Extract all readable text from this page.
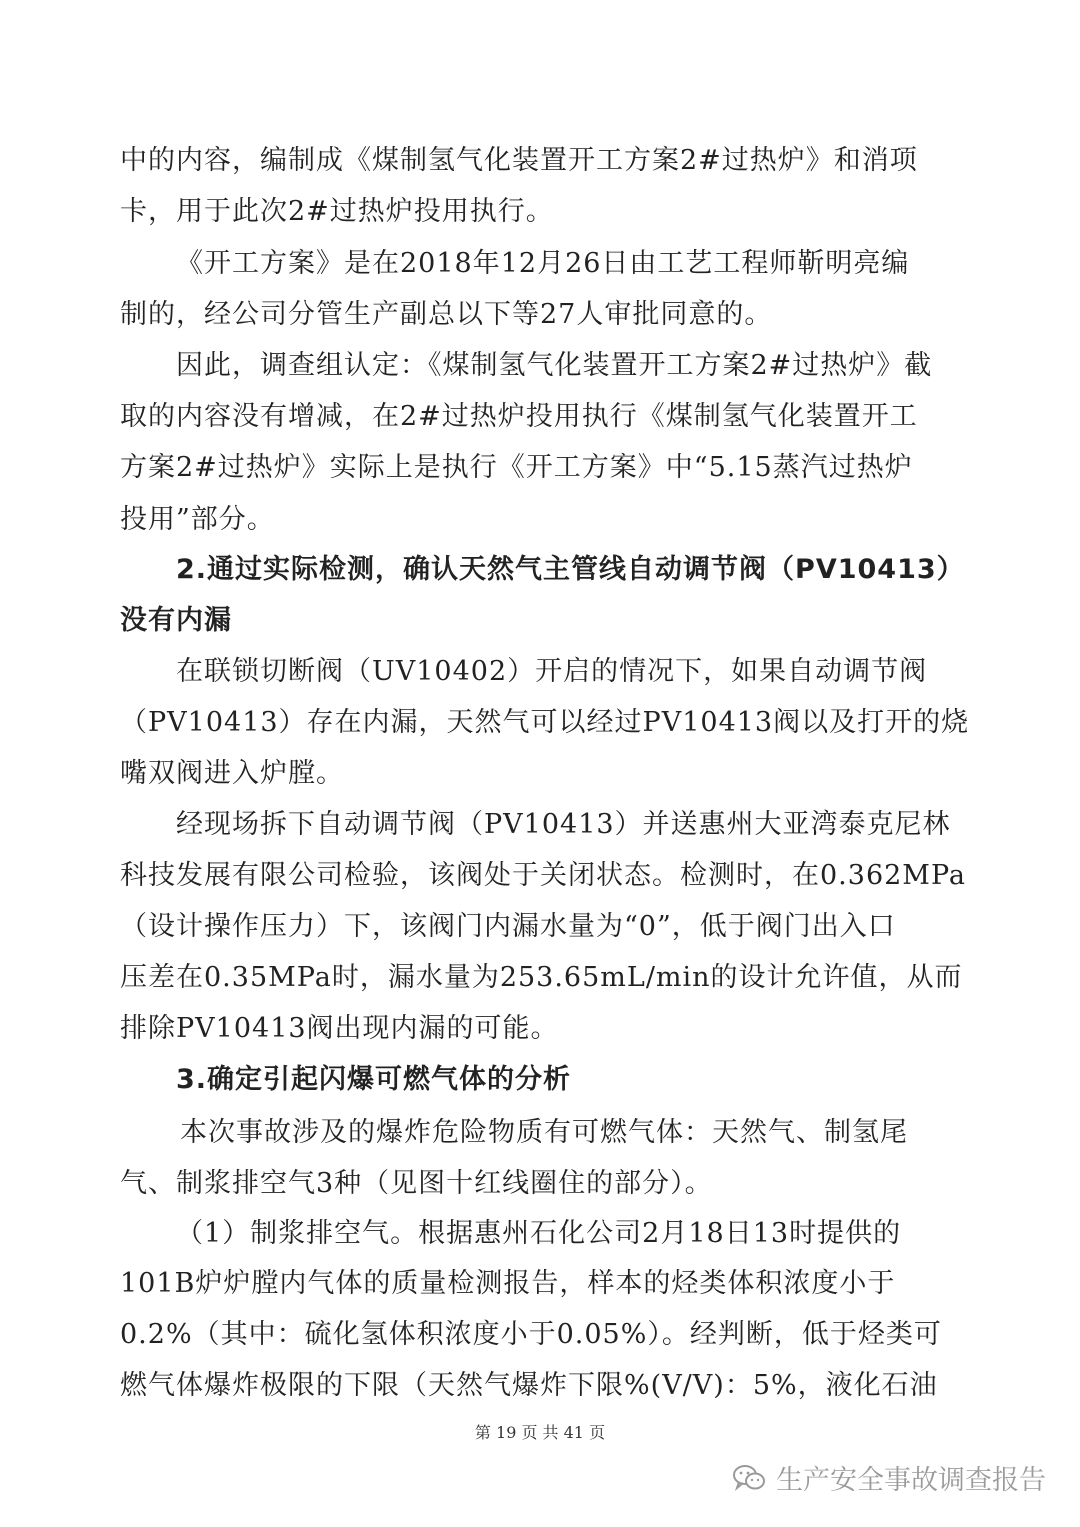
中的内容，编制成《煤制氢气化装置开工方案2#过热炉》和消项
卡，用于此次2#过热炉投用执行。
《开工方案》是在2018年12月26日由工艺工程师靳明亮编
制的，经公司分管生产副总以下等27人审批同意的。
因此，调查组认定：《煤制氢气化装置开工方案2#过热炉》截
取的内容没有增减，在2#过热炉投用执行《煤制氢气化装置开工
方案2#过热炉》实际上是执行《开工方案》中“5.15蒸汽过热炉
投用”部分。
2.通过实际检测，确认天然气主管线自动调节阀（PV10413）
没有内漏
在联锁切断阀（UV10402）开启的情况下，如果自动调节阀
（PV10413）存在内漏，天然气可以经过PV10413阀以及打开的烧
嘴双阀进入炉膛。
经现场拆下自动调节阀（PV10413）并送惠州大亚湾泰克尼林
科技发展有限公司检验，该阀处于关闭状态。检测时，在0.362MPa
（设计操作压力）下，该阀门内漏水量为“0”，低于阀门出入口
压差在0.35MPa时，漏水量为253.65mL/min的设计允许值，从而
排除PV10413阀出现内漏的可能。
3.确定引起闪爆可燃气体的分析
本次事故涉及的爆炸危险物质有可燃气体：天然气、制氢尾
气、制浆排空气3种（见图十红线圈住的部分）。
（1）制浆排空气。根据惠州石化公司2月18日13时提供的
101B炉炉膛内气体的质量检测报告，样本的烃类体积浓度小于
0.2%（其中：硫化氢体积浓度小于0.05%）。经判断，低于烃类可
燃气体爆炸极限的下限（天然气爆炸下限%(V/V)：5%，液化石油
第 19 页 共 41 页
生产安全事故调查报告
